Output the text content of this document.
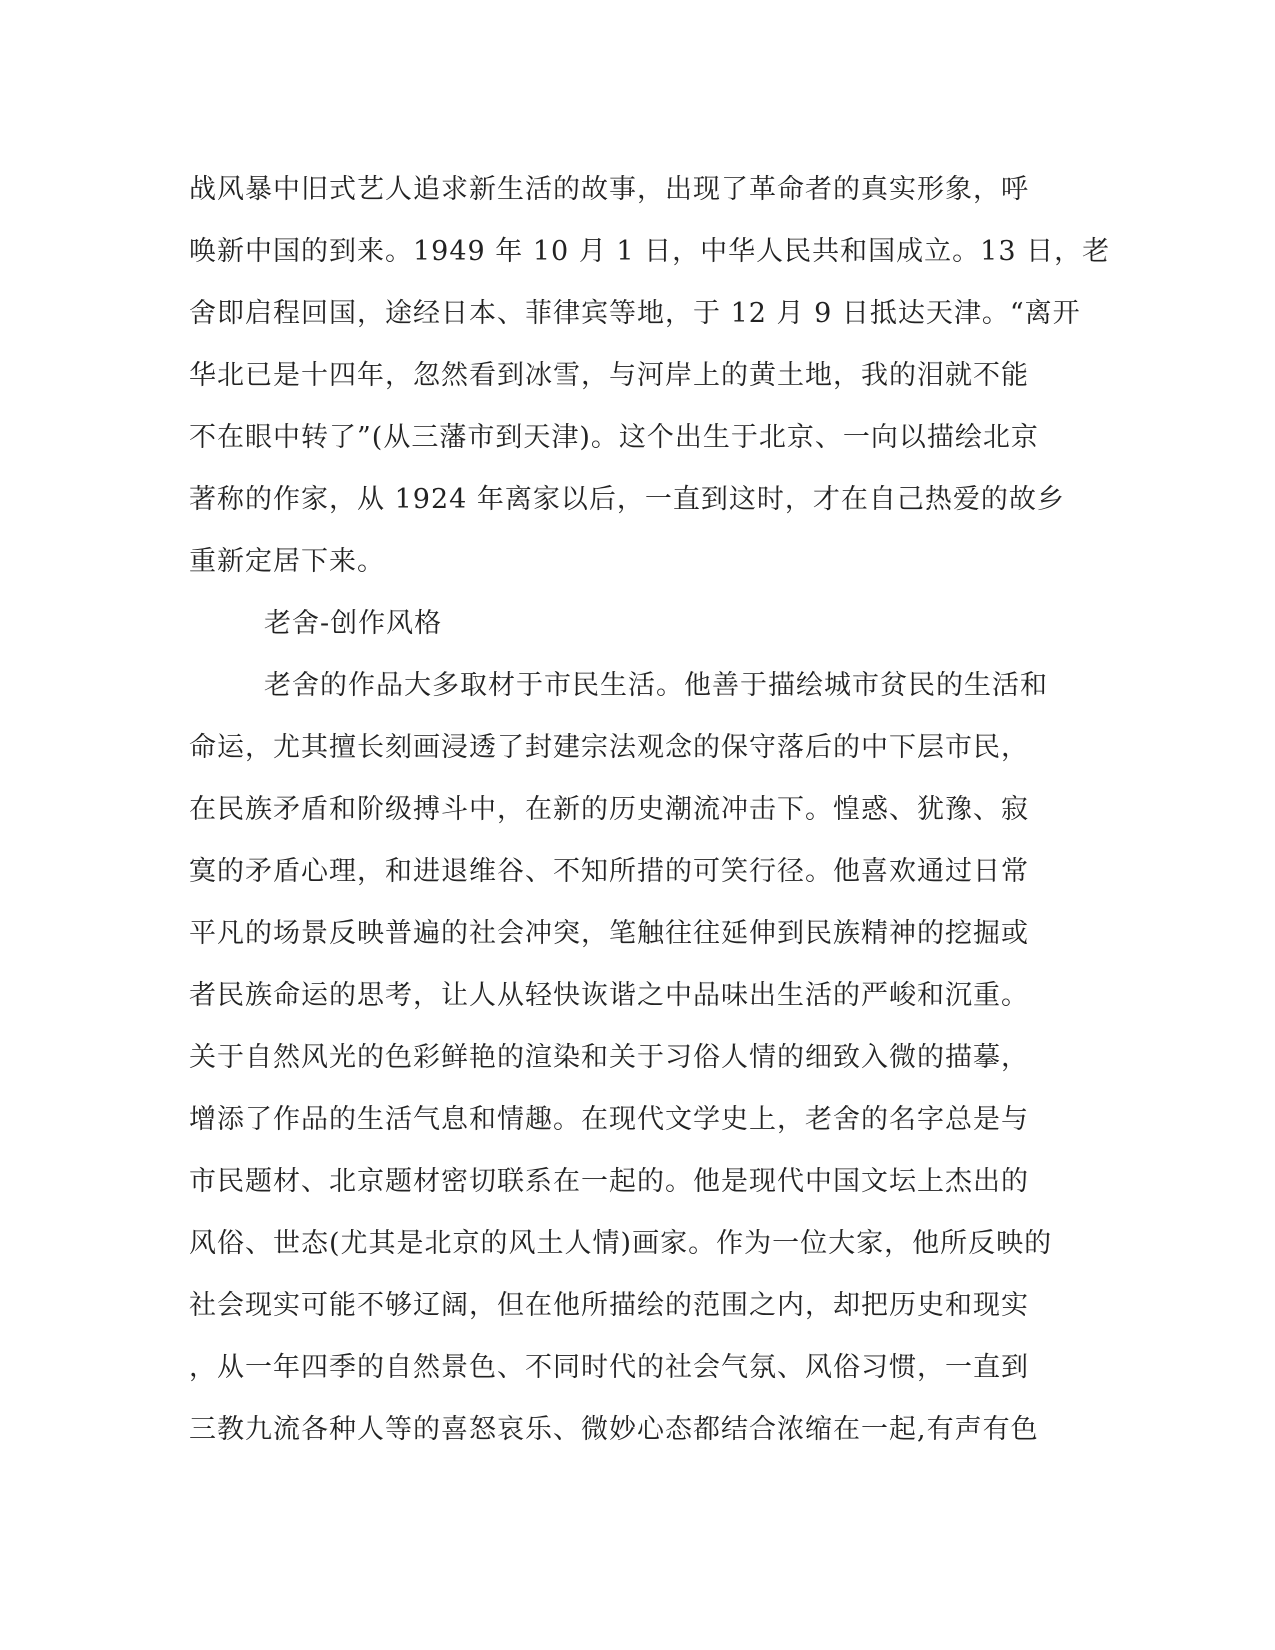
战风暴中旧式艺人追求新生活的故事，出现了革命者的真实形象，呼
唤新中国的到来。1949 年 10 月 1 日，中华人民共和国成立。13 日，老
舍即启程回国，途经日本、菲律宾等地，于 12 月 9 日抵达天津。“离开
华北已是十四年，忽然看到冰雪，与河岸上的黄土地，我的泪就不能
不在眼中转了”(从三藩市到天津)。这个出生于北京、一向以描绘北京
著称的作家，从 1924 年离家以后，一直到这时，才在自己热爱的故乡
重新定居下来。
老舍-创作风格
老舍的作品大多取材于市民生活。他善于描绘城市贫民的生活和
命运，尤其擅长刻画浸透了封建宗法观念的保守落后的中下层市民，
在民族矛盾和阶级搏斗中，在新的历史潮流冲击下。惶惑、犹豫、寂
寞的矛盾心理，和进退维谷、不知所措的可笑行径。他喜欢通过日常
平凡的场景反映普遍的社会冲突，笔触往往延伸到民族精神的挖掘或
者民族命运的思考，让人从轻快诙谐之中品味出生活的严峻和沉重。
关于自然风光的色彩鲜艳的渲染和关于习俗人情的细致入微的描摹，
增添了作品的生活气息和情趣。在现代文学史上，老舍的名字总是与
市民题材、北京题材密切联系在一起的。他是现代中国文坛上杰出的
风俗、世态(尤其是北京的风土人情)画家。作为一位大家，他所反映的
社会现实可能不够辽阔，但在他所描绘的范围之内，却把历史和现实
，从一年四季的自然景色、不同时代的社会气氛、风俗习惯，一直到
三教九流各种人等的喜怒哀乐、微妙心态都结合浓缩在一起,有声有色
